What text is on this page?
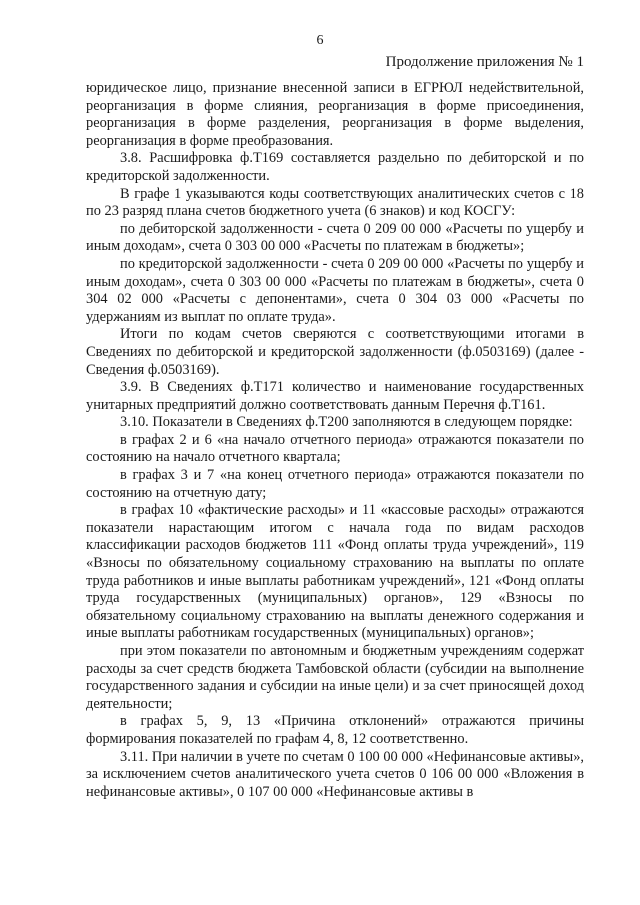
6
Продолжение приложения № 1

юридическое лицо, признание внесенной записи в ЕГРЮЛ недействительной, реорганизация в форме слияния, реорганизация в форме присоединения, реорганизация в форме разделения, реорганизация в форме выделения, реорганизация в форме преобразования.

3.8. Расшифровка ф.Т169 составляется раздельно по дебиторской и по кредиторской задолженности.

В графе 1 указываются коды соответствующих аналитических счетов с 18 по 23 разряд плана счетов бюджетного учета (6 знаков) и код КОСГУ:

по дебиторской задолженности - счета 0 209 00 000 «Расчеты по ущербу и иным доходам», счета 0 303 00 000 «Расчеты по платежам в бюджеты»;

по кредиторской задолженности - счета 0 209 00 000 «Расчеты по ущербу и иным доходам», счета 0 303 00 000 «Расчеты по платежам в бюджеты», счета 0 304 02 000 «Расчеты с депонентами», счета 0 304 03 000 «Расчеты по удержаниям из выплат по оплате труда».

Итоги по кодам счетов сверяются с соответствующими итогами в Сведениях по дебиторской и кредиторской задолженности (ф.0503169) (далее - Сведения ф.0503169).

3.9. В Сведениях ф.Т171 количество и наименование государственных унитарных предприятий должно соответствовать данным Перечня ф.Т161.

3.10. Показатели в Сведениях ф.Т200 заполняются в следующем порядке:

в графах 2 и 6 «на начало отчетного периода» отражаются показатели по состоянию на начало отчетного квартала;

в графах 3 и 7 «на конец отчетного периода» отражаются показатели по состоянию на отчетную дату;

в графах 10 «фактические расходы» и 11 «кассовые расходы» отражаются показатели нарастающим итогом с начала года по видам расходов классификации расходов бюджетов 111 «Фонд оплаты труда учреждений», 119 «Взносы по обязательному социальному страхованию на выплаты по оплате труда работников и иные выплаты работникам учреждений», 121 «Фонд оплаты труда государственных (муниципальных) органов», 129 «Взносы по обязательному социальному страхованию на выплаты денежного содержания и иные выплаты работникам государственных (муниципальных) органов»;

при этом показатели по автономным и бюджетным учреждениям содержат расходы за счет средств бюджета Тамбовской области (субсидии на выполнение государственного задания и субсидии на иные цели) и за счет приносящей доход деятельности;

в графах 5, 9, 13 «Причина отклонений» отражаются причины формирования показателей по графам 4, 8, 12 соответственно.

3.11. При наличии в учете по счетам 0 100 00 000 «Нефинансовые активы», за исключением счетов аналитического учета счетов 0 106 00 000 «Вложения в нефинансовые активы», 0 107 00 000 «Нефинансовые активы в
